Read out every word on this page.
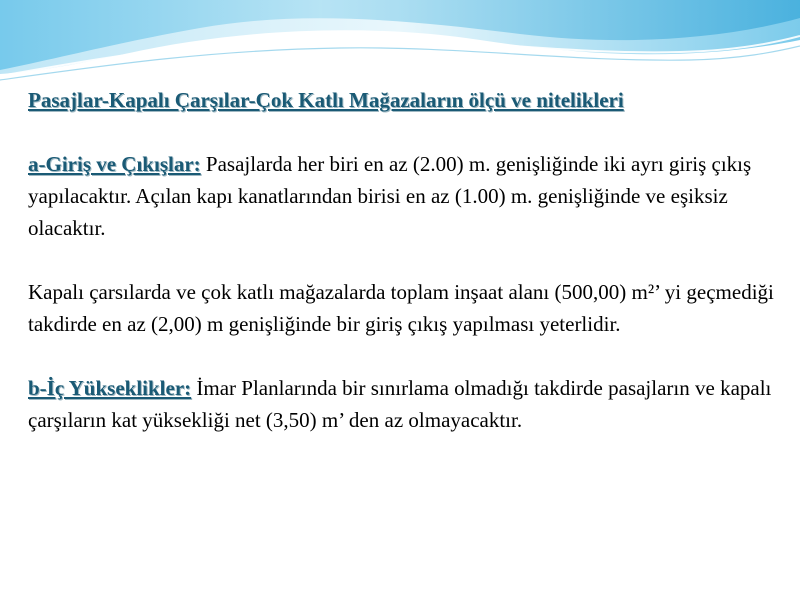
Pasajlar-Kapalı Çarşılar-Çok Katlı Mağazaların ölçü ve nitelikleri

a-Giriş ve Çıkışlar: Pasajlarda her biri en az (2.00) m. genişliğinde iki ayrı giriş çıkış yapılacaktır. Açılan kapı kanatlarından birisi en az (1.00) m. genişliğinde ve eşiksiz olacaktır.

Kapalı çarsılarda ve çok katlı mağazalarda toplam inşaat alanı (500,00) m²’ yi geçmediği takdirde en az (2,00) m genişliğinde bir giriş çıkış yapılması yeterlidir.

b-İç Yükseklikler: İmar Planlarında bir sınırlama olmadığı takdirde pasajların ve kapalı çarşıların kat yüksekliği net (3,50) m’ den az olmayacaktır.
